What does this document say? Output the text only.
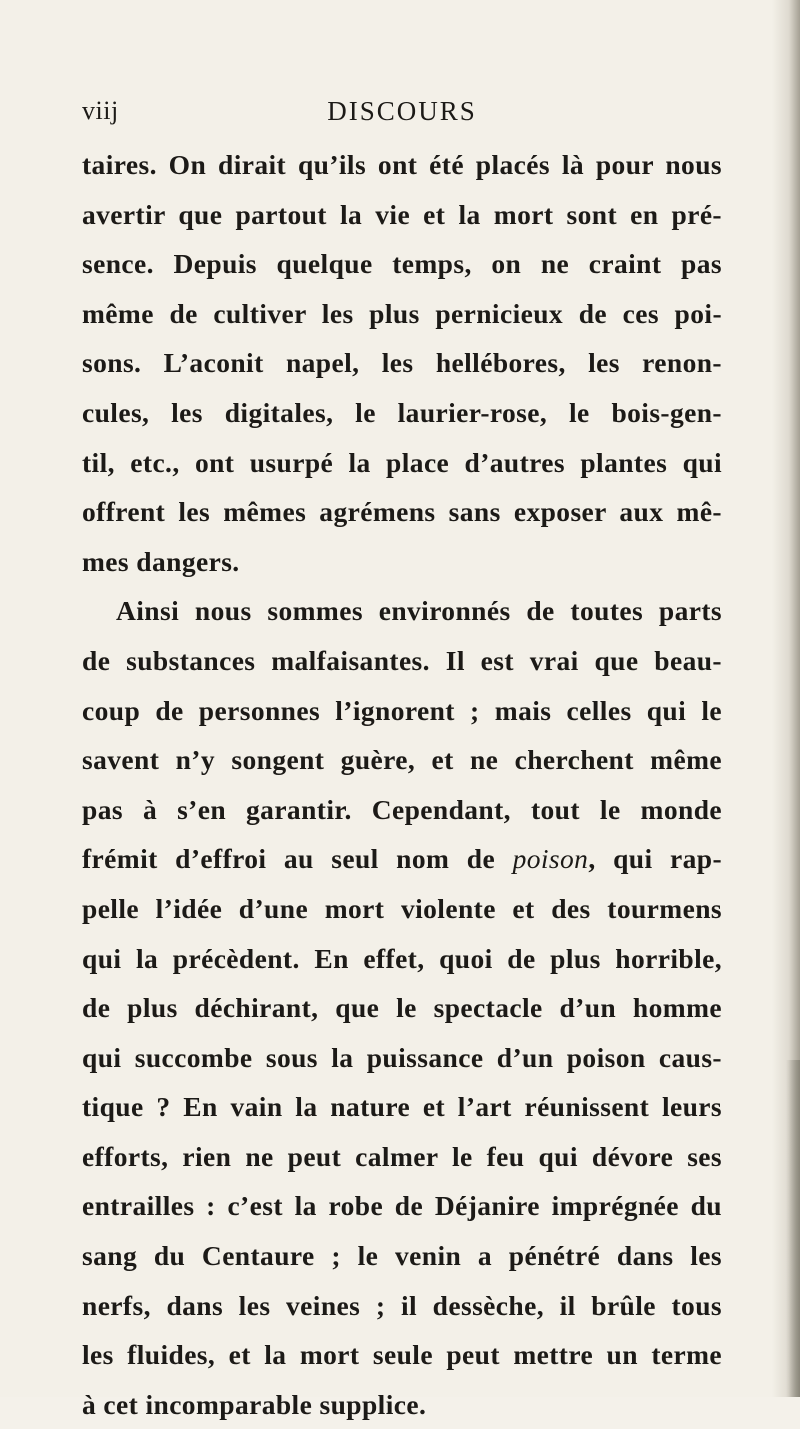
viij	DISCOURS
taires. On dirait qu’ils ont été placés là pour nous
avertir que partout la vie et la mort sont en pré-
sence. Depuis quelque temps, on ne craint pas
même de cultiver les plus pernicieux de ces poi-
sons. L’aconit napel, les hellébores, les renon-
cules, les digitales, le laurier-rose, le bois-gen-
til, etc., ont usurpé la place d’autres plantes qui
offrent les mêmes agrémens sans exposer aux mê-
mes dangers.
Ainsi nous sommes environnés de toutes parts
de substances malfaisantes. Il est vrai que beau-
coup de personnes l’ignorent ; mais celles qui le
savent n’y songent guère, et ne cherchent même
pas à s’en garantir. Cependant, tout le monde
frémit d’effroi au seul nom de poison, qui rap-
pelle l’idée d’une mort violente et des tourmens
qui la précèdent. En effet, quoi de plus horrible,
de plus déchirant, que le spectacle d’un homme
qui succombe sous la puissance d’un poison caus-
tique ? En vain la nature et l’art réunissent leurs
efforts, rien ne peut calmer le feu qui dévore ses
entrailles : c’est la robe de Déjanire imprégnée du
sang du Centaure ; le venin a pénétré dans les
nerfs, dans les veines ; il dessèche, il brûle tous
les fluides, et la mort seule peut mettre un terme
à cet incomparable supplice.
